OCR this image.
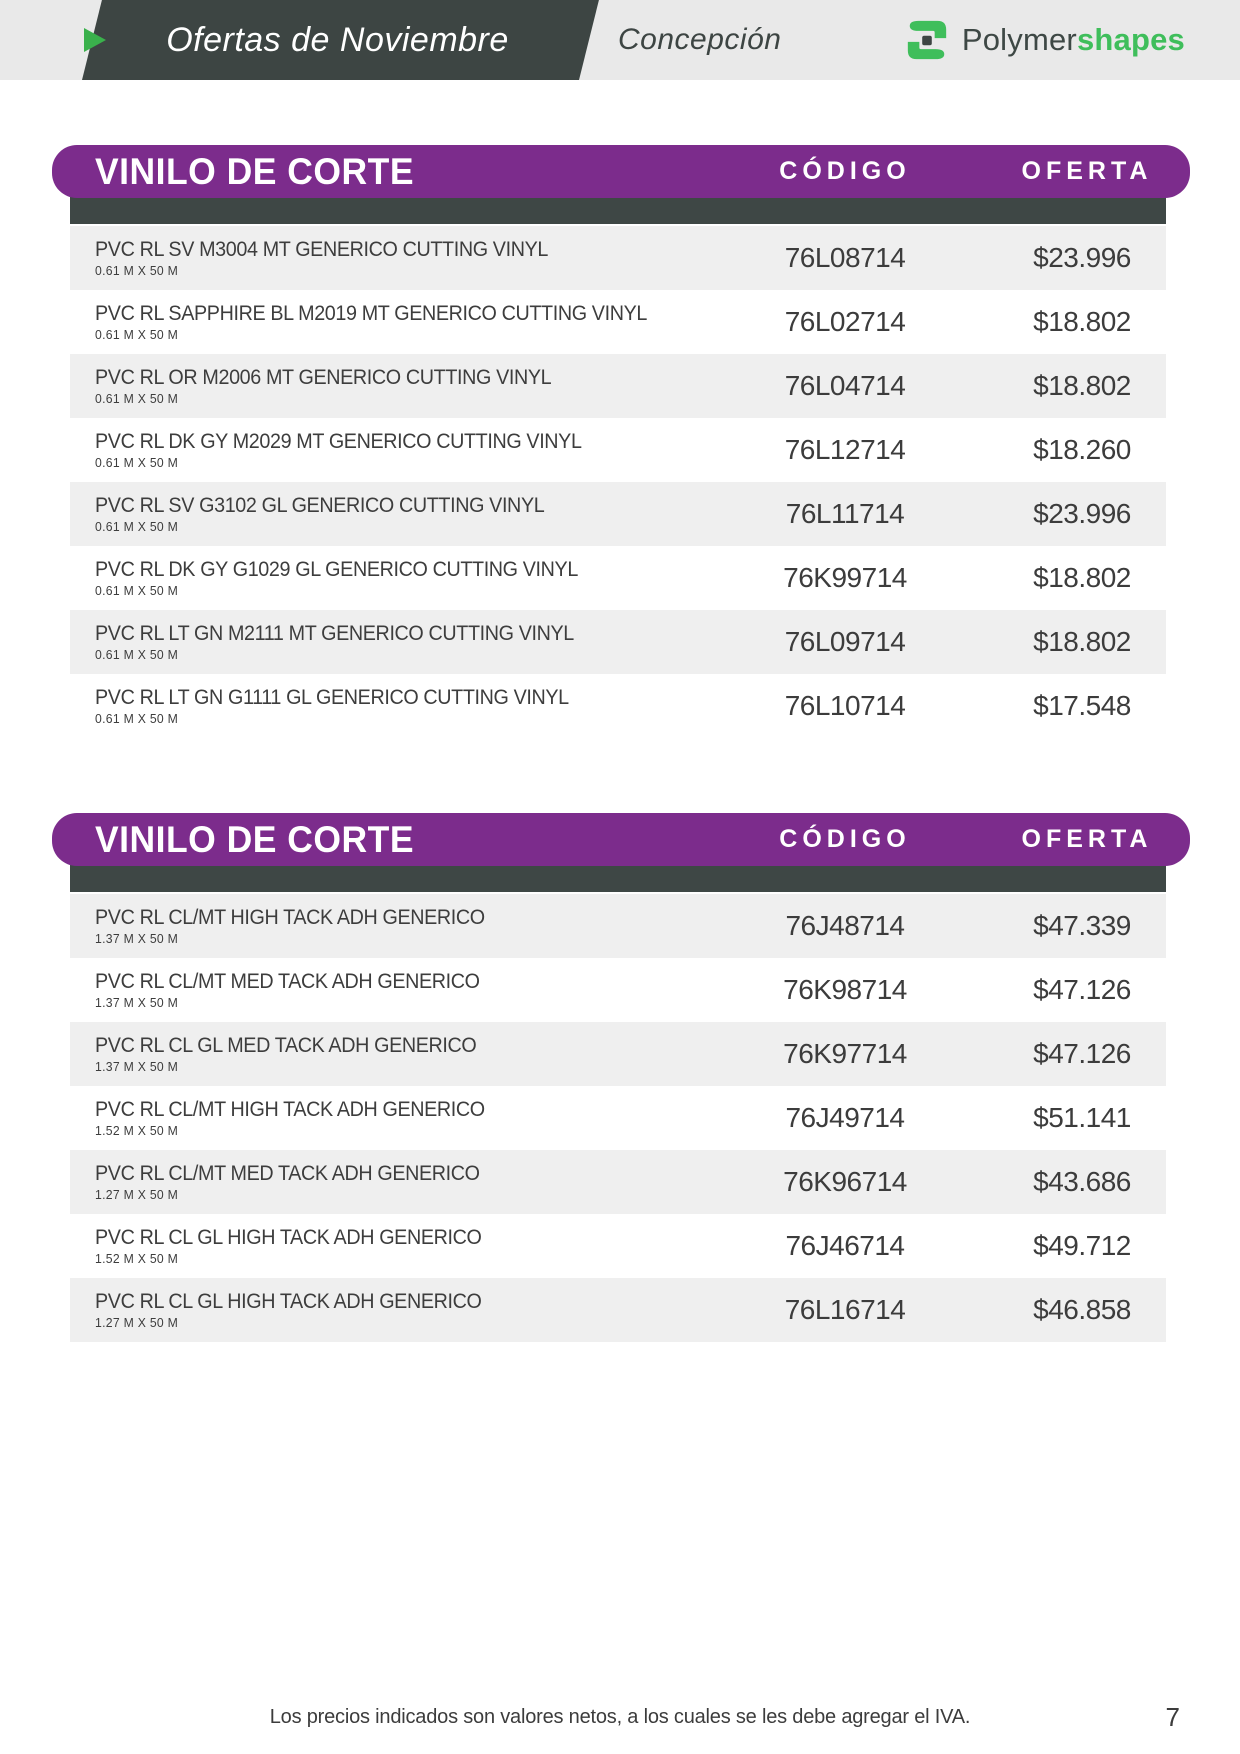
Ofertas de Noviembre	Concepción	Polymershapes
VINILO DE CORTE	CÓDIGO	OFERTA
PVC RL SV M3004 MT GENERICO CUTTING VINYL
0.61 M X 50 M	76L08714	$23.996
PVC RL SAPPHIRE BL M2019 MT GENERICO CUTTING VINYL
0.61 M X 50 M	76L02714	$18.802
PVC RL OR M2006 MT GENERICO CUTTING VINYL
0.61 M X 50 M	76L04714	$18.802
PVC RL DK GY M2029 MT GENERICO CUTTING VINYL
0.61 M X 50 M	76L12714	$18.260
PVC RL SV G3102 GL GENERICO CUTTING VINYL
0.61 M X 50 M	76L11714	$23.996
PVC RL DK GY G1029 GL GENERICO CUTTING VINYL
0.61 M X 50 M	76K99714	$18.802
PVC RL LT GN M2111 MT GENERICO CUTTING VINYL
0.61 M X 50 M	76L09714	$18.802
PVC RL LT GN G1111 GL GENERICO CUTTING VINYL
0.61 M X 50 M	76L10714	$17.548
VINILO DE CORTE	CÓDIGO	OFERTA
PVC RL CL/MT HIGH TACK ADH GENERICO
1.37 M X 50 M	76J48714	$47.339
PVC RL CL/MT MED TACK ADH GENERICO
1.37 M X 50 M	76K98714	$47.126
PVC RL CL GL MED TACK ADH GENERICO
1.37 M X 50 M	76K97714	$47.126
PVC RL CL/MT HIGH TACK ADH GENERICO
1.52 M X 50 M	76J49714	$51.141
PVC RL CL/MT MED TACK ADH GENERICO
1.27 M X 50 M	76K96714	$43.686
PVC RL CL GL HIGH TACK ADH GENERICO
1.52 M X 50 M	76J46714	$49.712
PVC RL CL GL HIGH TACK ADH GENERICO
1.27 M X 50 M	76L16714	$46.858
Los precios indicados son valores netos, a los cuales se les debe agregar el IVA.	7
